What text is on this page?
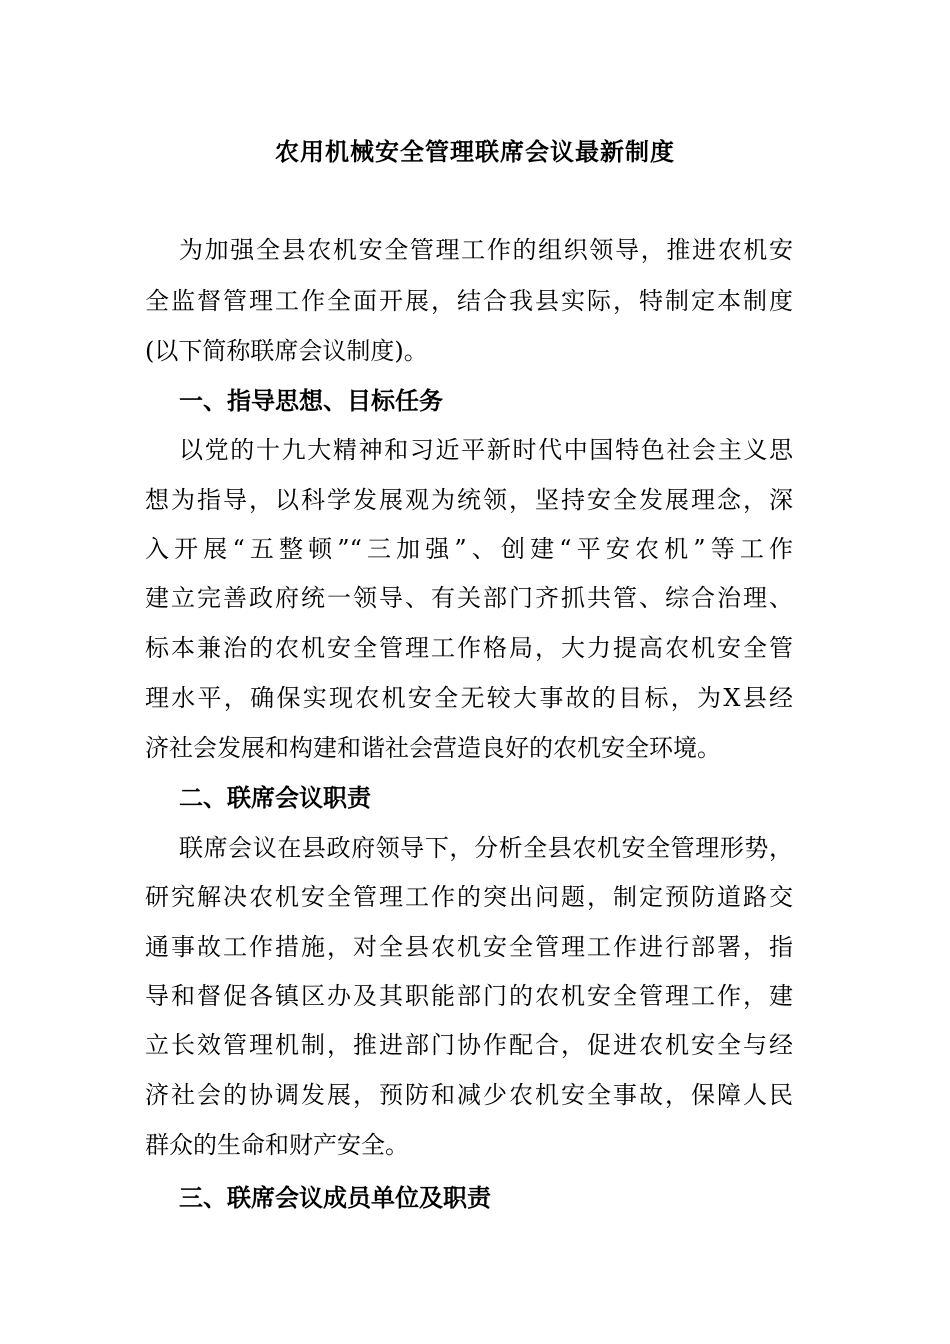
农用机械安全管理联席会议最新制度
为加强全县农机安全管理工作的组织领导，推进农机安
全监督管理工作全面开展，结合我县实际，特制定本制度
(以下简称联席会议制度)。
一、指导思想、目标任务
以党的十九大精神和习近平新时代中国特色社会主义思
想为指导，以科学发展观为统领，坚持安全发展理念，深
入开展“五整顿”“三加强”、创建“平安农机”等工作
建立完善政府统一领导、有关部门齐抓共管、综合治理、
标本兼治的农机安全管理工作格局，大力提高农机安全管
理水平，确保实现农机安全无较大事故的目标，为X县经
济社会发展和构建和谐社会营造良好的农机安全环境。
二、联席会议职责
联席会议在县政府领导下，分析全县农机安全管理形势，
研究解决农机安全管理工作的突出问题，制定预防道路交
通事故工作措施，对全县农机安全管理工作进行部署，指
导和督促各镇区办及其职能部门的农机安全管理工作，建
立长效管理机制，推进部门协作配合，促进农机安全与经
济社会的协调发展，预防和减少农机安全事故，保障人民
群众的生命和财产安全。
三、联席会议成员单位及职责
